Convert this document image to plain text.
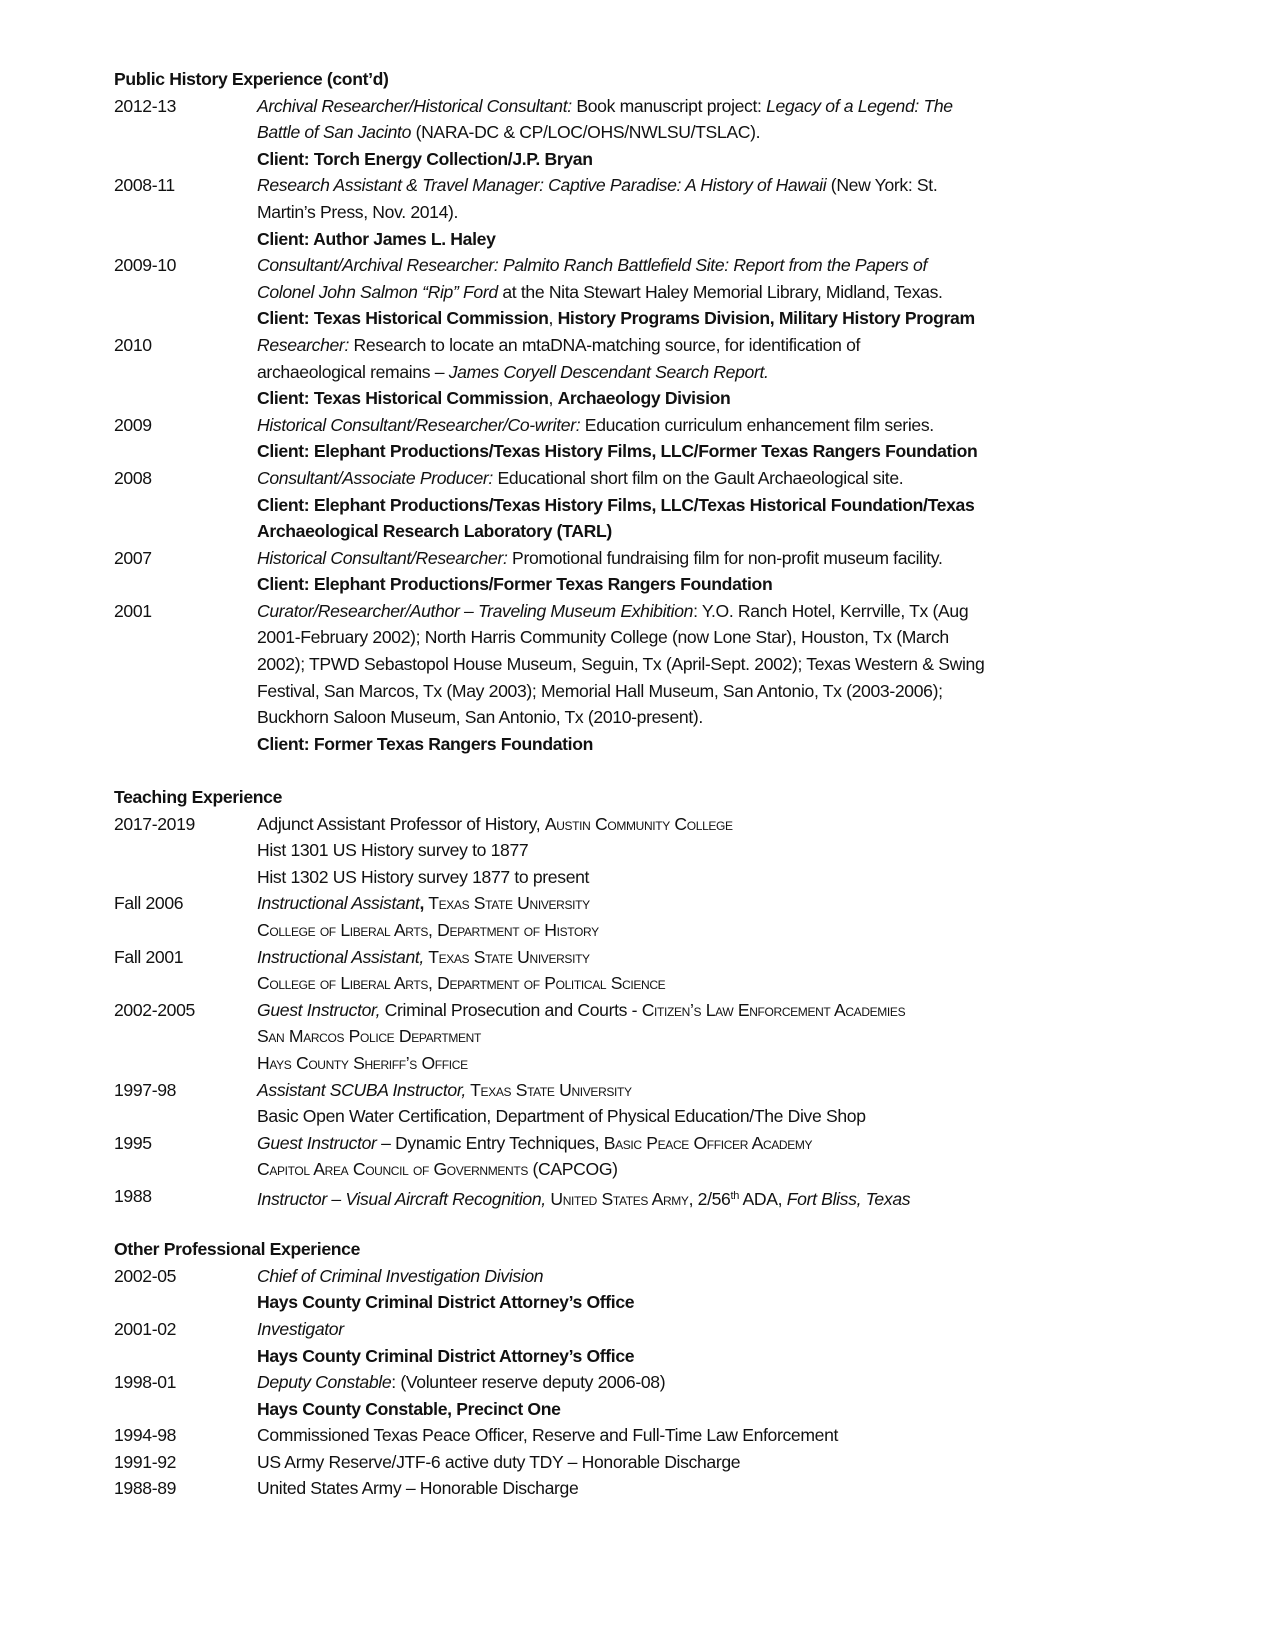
Public History Experience (cont’d)
2012-13	Archival Researcher/Historical Consultant: Book manuscript project: Legacy of a Legend: The
Battle of San Jacinto (NARA-DC & CP/LOC/OHS/NWLSU/TSLAC).
Client: Torch Energy Collection/J.P. Bryan
2008-11	Research Assistant & Travel Manager: Captive Paradise: A History of Hawaii (New York: St.
Martin’s Press, Nov. 2014).
Client: Author James L. Haley
2009-10	Consultant/Archival Researcher: Palmito Ranch Battlefield Site: Report from the Papers of
Colonel John Salmon “Rip” Ford at the Nita Stewart Haley Memorial Library, Midland, Texas.
Client: Texas Historical Commission, History Programs Division, Military History Program
2010	Researcher: Research to locate an mtaDNA-matching source, for identification of
archaeological remains – James Coryell Descendant Search Report.
Client: Texas Historical Commission, Archaeology Division
2009	Historical Consultant/Researcher/Co-writer: Education curriculum enhancement film series.
Client: Elephant Productions/Texas History Films, LLC/Former Texas Rangers Foundation
2008	Consultant/Associate Producer: Educational short film on the Gault Archaeological site.
Client: Elephant Productions/Texas History Films, LLC/Texas Historical Foundation/Texas
Archaeological Research Laboratory (TARL)
2007	Historical Consultant/Researcher: Promotional fundraising film for non-profit museum facility.
Client: Elephant Productions/Former Texas Rangers Foundation
2001	Curator/Researcher/Author – Traveling Museum Exhibition: Y.O. Ranch Hotel, Kerrville, Tx (Aug
2001-February 2002); North Harris Community College (now Lone Star), Houston, Tx (March
2002); TPWD Sebastopol House Museum, Seguin, Tx (April-Sept. 2002); Texas Western & Swing
Festival, San Marcos, Tx (May 2003); Memorial Hall Museum, San Antonio, Tx (2003-2006);
Buckhorn Saloon Museum, San Antonio, Tx (2010-present).
Client: Former Texas Rangers Foundation
Teaching Experience
2017-2019	Adjunct Assistant Professor of History, Austin Community College
Hist 1301 US History survey to 1877
Hist 1302 US History survey 1877 to present
Fall 2006	Instructional Assistant, Texas State University
College of Liberal Arts, Department of History
Fall 2001	Instructional Assistant, Texas State University
College of Liberal Arts, Department of Political Science
2002-2005	Guest Instructor, Criminal Prosecution and Courts - Citizen’s Law Enforcement Academies
San Marcos Police Department
Hays County Sheriff’s Office
1997-98	Assistant SCUBA Instructor, Texas State University
Basic Open Water Certification, Department of Physical Education/The Dive Shop
1995	Guest Instructor – Dynamic Entry Techniques, Basic Peace Officer Academy
Capitol Area Council of Governments (CAPCOG)
1988	Instructor – Visual Aircraft Recognition, United States Army, 2/56th ADA, Fort Bliss, Texas
Other Professional Experience
2002-05	Chief of Criminal Investigation Division
Hays County Criminal District Attorney’s Office
2001-02	Investigator
Hays County Criminal District Attorney’s Office
1998-01	Deputy Constable: (Volunteer reserve deputy 2006-08)
Hays County Constable, Precinct One
1994-98	Commissioned Texas Peace Officer, Reserve and Full-Time Law Enforcement
1991-92	US Army Reserve/JTF-6 active duty TDY – Honorable Discharge
1988-89	United States Army – Honorable Discharge
